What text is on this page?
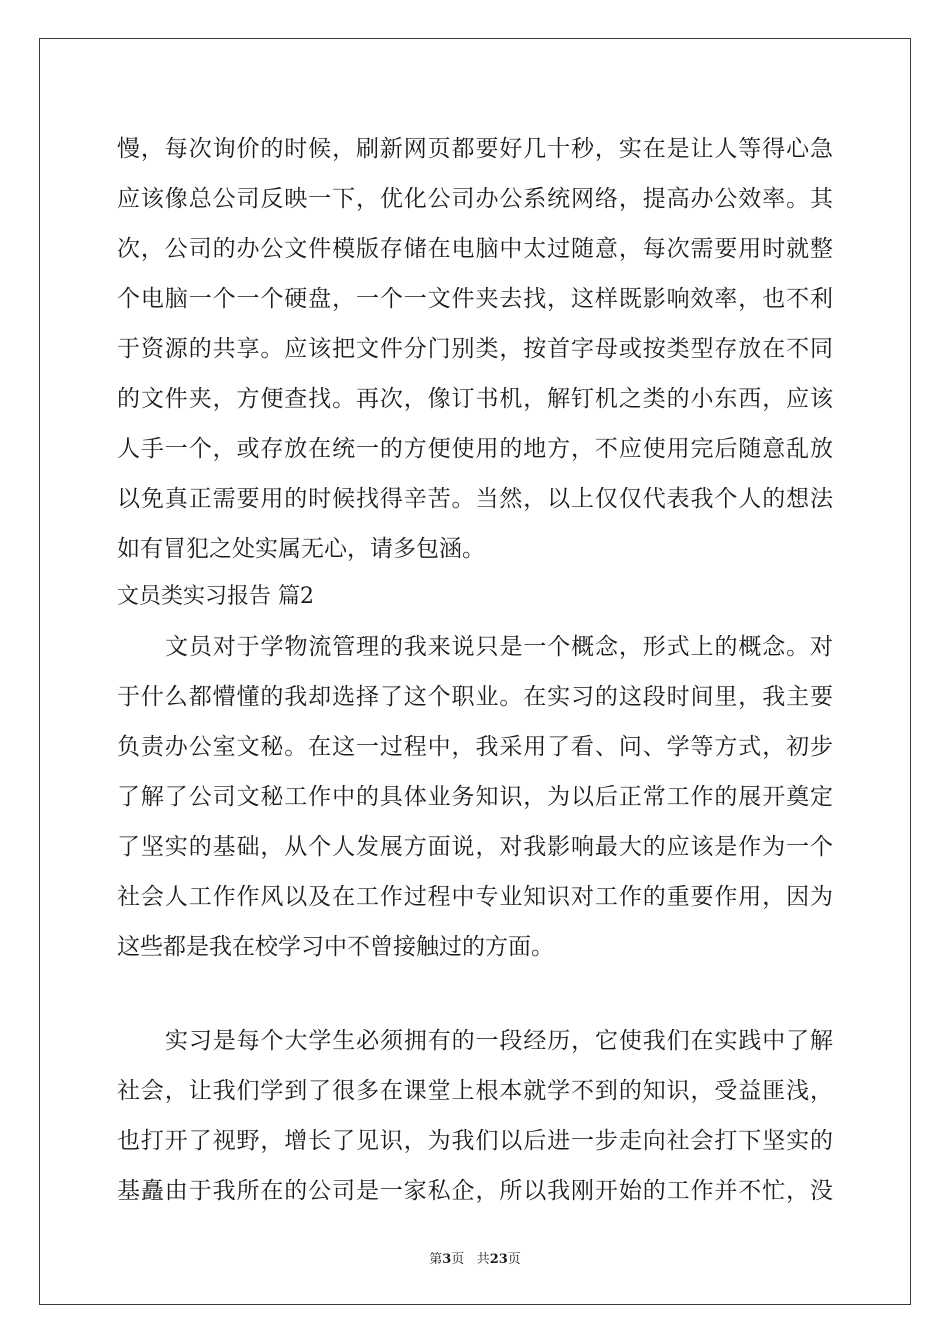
慢，每次询价的时候，刷新网页都要好几十秒，实在是让人等得心急
应该像总公司反映一下，优化公司办公系统网络，提高办公效率。其
次，公司的办公文件模版存储在电脑中太过随意，每次需要用时就整
个电脑一个一个硬盘，一个一文件夹去找，这样既影响效率，也不利
于资源的共享。应该把文件分门别类，按首字母或按类型存放在不同
的文件夹，方便查找。再次，像订书机，解钉机之类的小东西，应该
人手一个，或存放在统一的方便使用的地方，不应使用完后随意乱放
以免真正需要用的时候找得辛苦。当然，以上仅仅代表我个人的想法
如有冒犯之处实属无心，请多包涵。
文员类实习报告 篇2
文员对于学物流管理的我来说只是一个概念，形式上的概念。对
于什么都懵懂的我却选择了这个职业。在实习的这段时间里，我主要
负责办公室文秘。在这一过程中，我采用了看、问、学等方式，初步
了解了公司文秘工作中的具体业务知识，为以后正常工作的展开奠定
了坚实的基础，从个人发展方面说，对我影响最大的应该是作为一个
社会人工作作风以及在工作过程中专业知识对工作的重要作用，因为
这些都是我在校学习中不曾接触过的方面。
实习是每个大学生必须拥有的一段经历，它使我们在实践中了解
社会，让我们学到了很多在课堂上根本就学不到的知识，受益匪浅，
也打开了视野，增长了见识，为我们以后进一步走向社会打下坚实的
基矗由于我所在的公司是一家私企，所以我刚开始的工作并不忙，没
第3页 共23页
